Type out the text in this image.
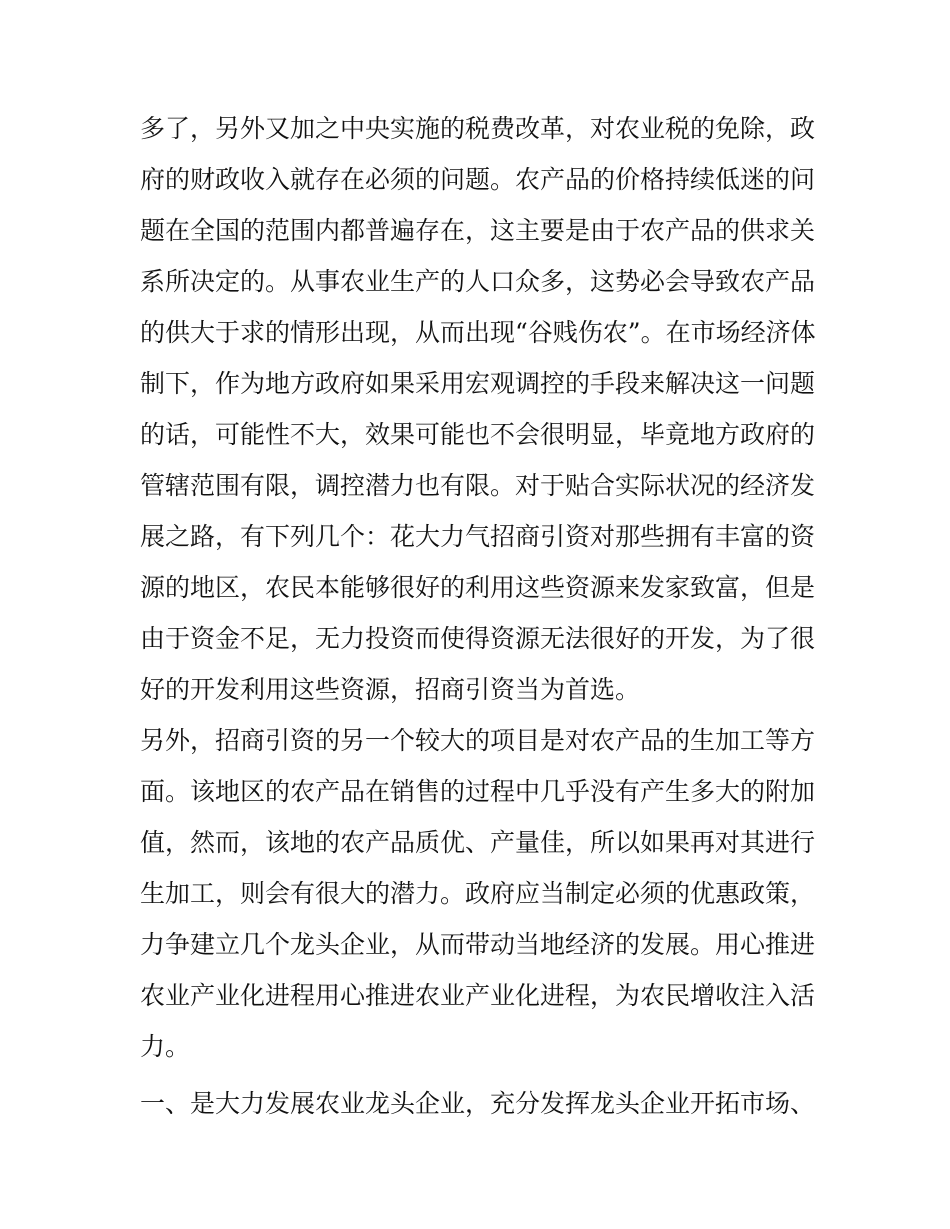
多了，另外又加之中央实施的税费改革，对农业税的免除，政
府的财政收入就存在必须的问题。农产品的价格持续低迷的问
题在全国的范围内都普遍存在，这主要是由于农产品的供求关
系所决定的。从事农业生产的人口众多，这势必会导致农产品
的供大于求的情形出现，从而出现“谷贱伤农”。在市场经济体
制下，作为地方政府如果采用宏观调控的手段来解决这一问题
的话，可能性不大，效果可能也不会很明显，毕竟地方政府的
管辖范围有限，调控潜力也有限。对于贴合实际状况的经济发
展之路，有下列几个：花大力气招商引资对那些拥有丰富的资
源的地区，农民本能够很好的利用这些资源来发家致富，但是
由于资金不足，无力投资而使得资源无法很好的开发，为了很
好的开发利用这些资源，招商引资当为首选。

另外，招商引资的另一个较大的项目是对农产品的生加工等方
面。该地区的农产品在销售的过程中几乎没有产生多大的附加
值，然而，该地的农产品质优、产量佳，所以如果再对其进行
生加工，则会有很大的潜力。政府应当制定必须的优惠政策，
力争建立几个龙头企业，从而带动当地经济的发展。用心推进
农业产业化进程用心推进农业产业化进程，为农民增收注入活
力。

一、是大力发展农业龙头企业，充分发挥龙头企业开拓市场、
